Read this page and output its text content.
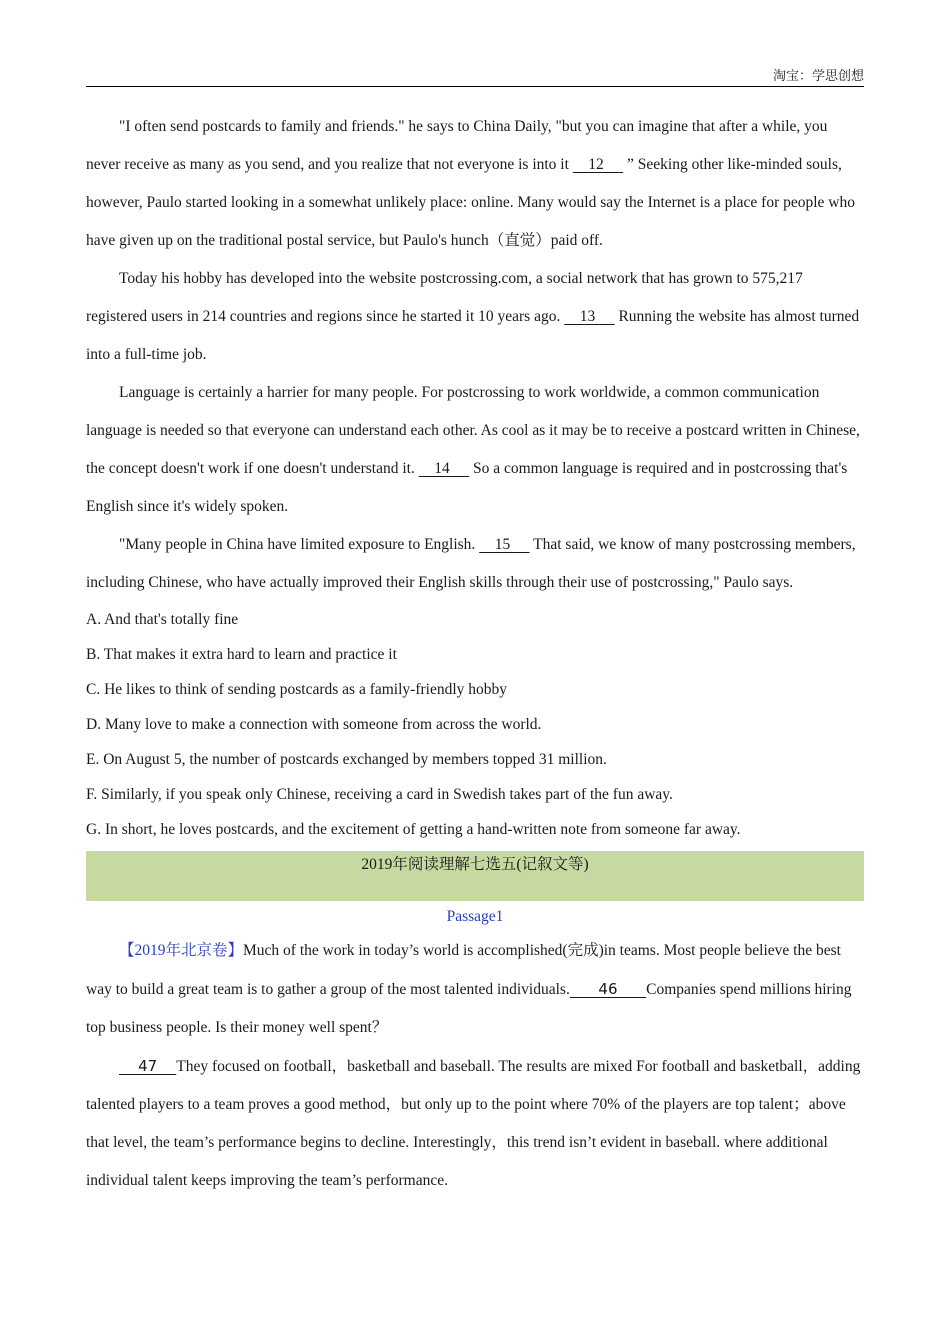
淘宝：学思创想

"I often send postcards to family and friends." he says to China Daily, "but you can imagine that after a while, you never receive as many as you send, and you realize that not everyone is into it     12      ” Seeking other like-minded souls, however, Paulo started looking in a somewhat unlikely place: online. Many would say the Internet is a place for people who have given up on the traditional postal service, but Paulo's hunch（直觉）paid off.

Today his hobby has developed into the website postcrossing.com, a social network that has grown to 575,217 registered users in 214 countries and regions since he started it 10 years ago.     13      Running the website has almost turned into a full-time job.

Language is certainly a harrier for many people. For postcrossing to work worldwide, a common communication language is needed so that everyone can understand each other. As cool as it may be to receive a postcard written in Chinese, the concept doesn't work if one doesn't understand it.     14      So a common language is required and in postcrossing that's English since it's widely spoken.

"Many people in China have limited exposure to English.     15      That said, we know of many postcrossing members, including Chinese, who have actually improved their English skills through their use of postcrossing," Paulo says.

A. And that's totally fine

B. That makes it extra hard to learn and practice it

C. He likes to think of sending postcards as a family-friendly hobby

D. Many love to make a connection with someone from across the world.

E. On August 5, the number of postcards exchanged by members topped 31 million.

F. Similarly, if you speak only Chinese, receiving a card in Swedish takes part of the fun away.

G. In short, he loves postcards, and the excitement of getting a hand-written note from someone far away.

2019年阅读理解七选五(记叙文等)
Passage1

【2019年北京卷】Much of the work in today’s world is accomplished(完成)in teams. Most people believe the best way to build a great team is to gather a group of the most talented individuals.      46      Companies spend millions hiring top business people. Is their money well spent？

47    They focused on football，basketball and baseball. The results are mixed For football and basketball，adding talented players to a team proves a good method，but only up to the point where 70% of the players are top talent；above that level, the team’s performance begins to decline. Interestingly，this trend isn’t evident in baseball. where additional individual talent keeps improving the team’s performance.
